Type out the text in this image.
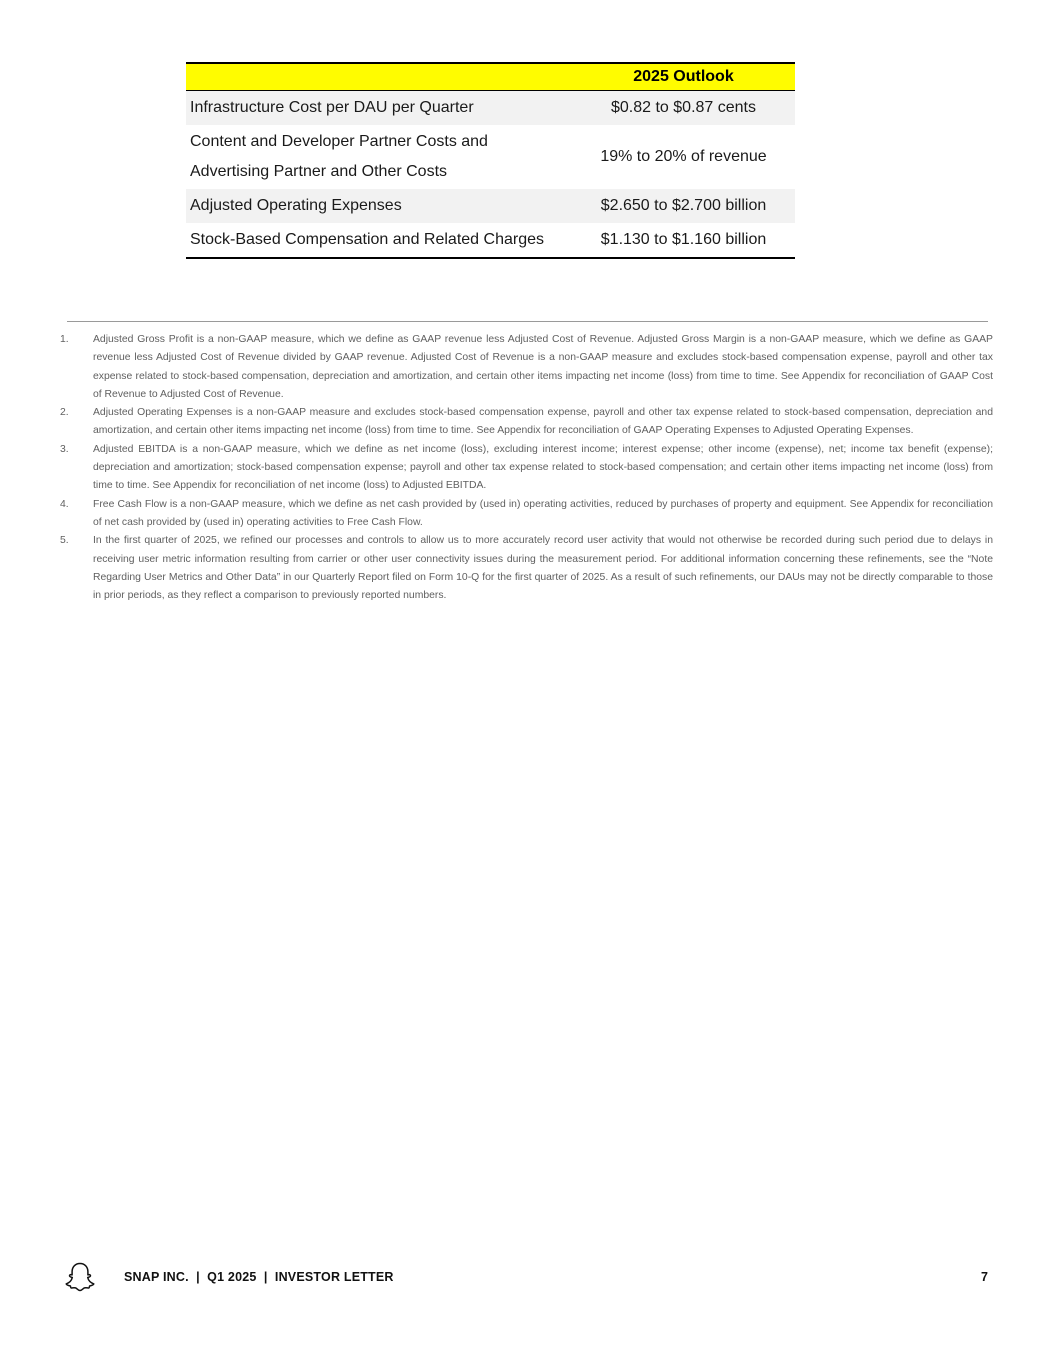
	2025 Outlook
Infrastructure Cost per DAU per Quarter	$0.82 to $0.87 cents
Content and Developer Partner Costs and
Advertising Partner and Other Costs	19% to 20% of revenue
Adjusted Operating Expenses	$2.650 to $2.700 billion
Stock-Based Compensation and Related Charges	$1.130 to $1.160 billion
1. Adjusted Gross Profit is a non-GAAP measure, which we define as GAAP revenue less Adjusted Cost of Revenue. Adjusted Gross Margin is a non-GAAP measure, which we define as GAAP revenue less Adjusted Cost of Revenue divided by GAAP revenue. Adjusted Cost of Revenue is a non-GAAP measure and excludes stock-based compensation expense, payroll and other tax expense related to stock-based compensation, depreciation and amortization, and certain other items impacting net income (loss) from time to time. See Appendix for reconciliation of GAAP Cost of Revenue to Adjusted Cost of Revenue.
2. Adjusted Operating Expenses is a non-GAAP measure and excludes stock-based compensation expense, payroll and other tax expense related to stock-based compensation, depreciation and amortization, and certain other items impacting net income (loss) from time to time. See Appendix for reconciliation of GAAP Operating Expenses to Adjusted Operating Expenses.
3. Adjusted EBITDA is a non-GAAP measure, which we define as net income (loss), excluding interest income; interest expense; other income (expense), net; income tax benefit (expense); depreciation and amortization; stock-based compensation expense; payroll and other tax expense related to stock-based compensation; and certain other items impacting net income (loss) from time to time. See Appendix for reconciliation of net income (loss) to Adjusted EBITDA.
4. Free Cash Flow is a non-GAAP measure, which we define as net cash provided by (used in) operating activities, reduced by purchases of property and equipment. See Appendix for reconciliation of net cash provided by (used in) operating activities to Free Cash Flow.
5. In the first quarter of 2025, we refined our processes and controls to allow us to more accurately record user activity that would not otherwise be recorded during such period due to delays in receiving user metric information resulting from carrier or other user connectivity issues during the measurement period. For additional information concerning these refinements, see the “Note Regarding User Metrics and Other Data” in our Quarterly Report filed on Form 10-Q for the first quarter of 2025. As a result of such refinements, our DAUs may not be directly comparable to those in prior periods, as they reflect a comparison to previously reported numbers.
SNAP INC.  |  Q1 2025  |  INVESTOR LETTER	7
